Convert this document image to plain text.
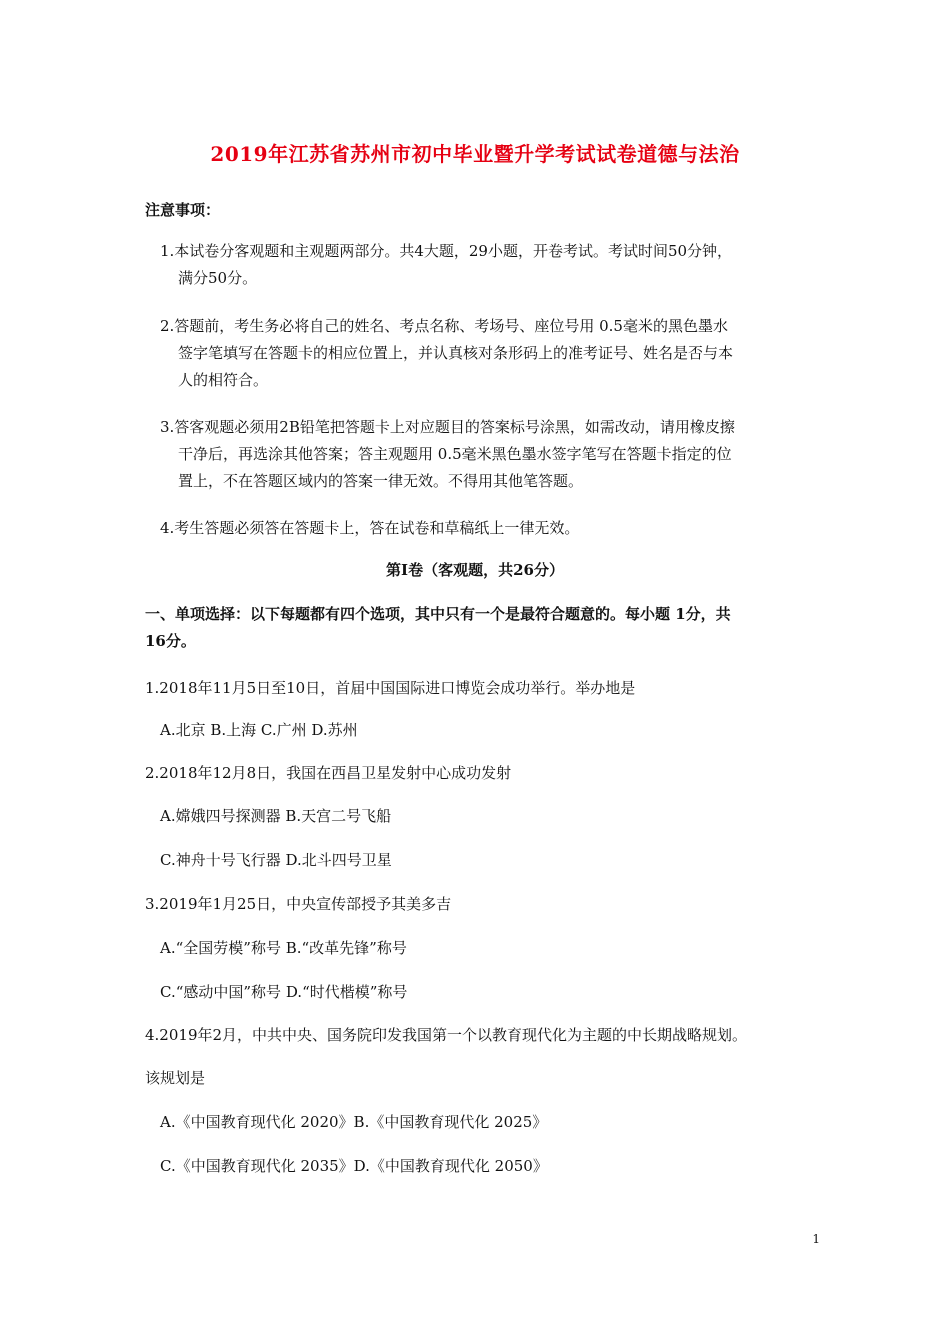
2019年江苏省苏州市初中毕业暨升学考试试卷道德与法治
注意事项：
1.本试卷分客观题和主观题两部分。共4大题，29小题，开卷考试。考试时间50分钟，
满分50分。
2.答题前，考生务必将自己的姓名、考点名称、考场号、座位号用 0.5毫米的黑色墨水
签字笔填写在答题卡的相应位置上，并认真核对条形码上的准考证号、姓名是否与本
人的相符合。
3.答客观题必须用2B铅笔把答题卡上对应题目的答案标号涂黑，如需改动，请用橡皮擦
干净后，再选涂其他答案；答主观题用 0.5毫米黑色墨水签字笔写在答题卡指定的位
置上，不在答题区域内的答案一律无效。不得用其他笔答题。
4.考生答题必须答在答题卡上，答在试卷和草稿纸上一律无效。
第Ⅰ卷（客观题，共26分）
一、单项选择：以下每题都有四个选项，其中只有一个是最符合题意的。每小题 1分，共
16分。
1.2018年11月5日至10日，首届中国国际进口博览会成功举行。举办地是
A.北京 B.上海 C.广州 D.苏州
2.2018年12月8日，我国在西昌卫星发射中心成功发射
A.嫦娥四号探测器 B.天宫二号飞船
C.神舟十号飞行器 D.北斗四号卫星
3.2019年1月25日，中央宣传部授予其美多吉
A.“全国劳模”称号 B.“改革先锋”称号
C.“感动中国”称号 D.“时代楷模”称号
4.2019年2月，中共中央、国务院印发我国第一个以教育现代化为主题的中长期战略规划。
该规划是
A.《中国教育现代化 2020》B.《中国教育现代化 2025》
C.《中国教育现代化 2035》D.《中国教育现代化 2050》
1
